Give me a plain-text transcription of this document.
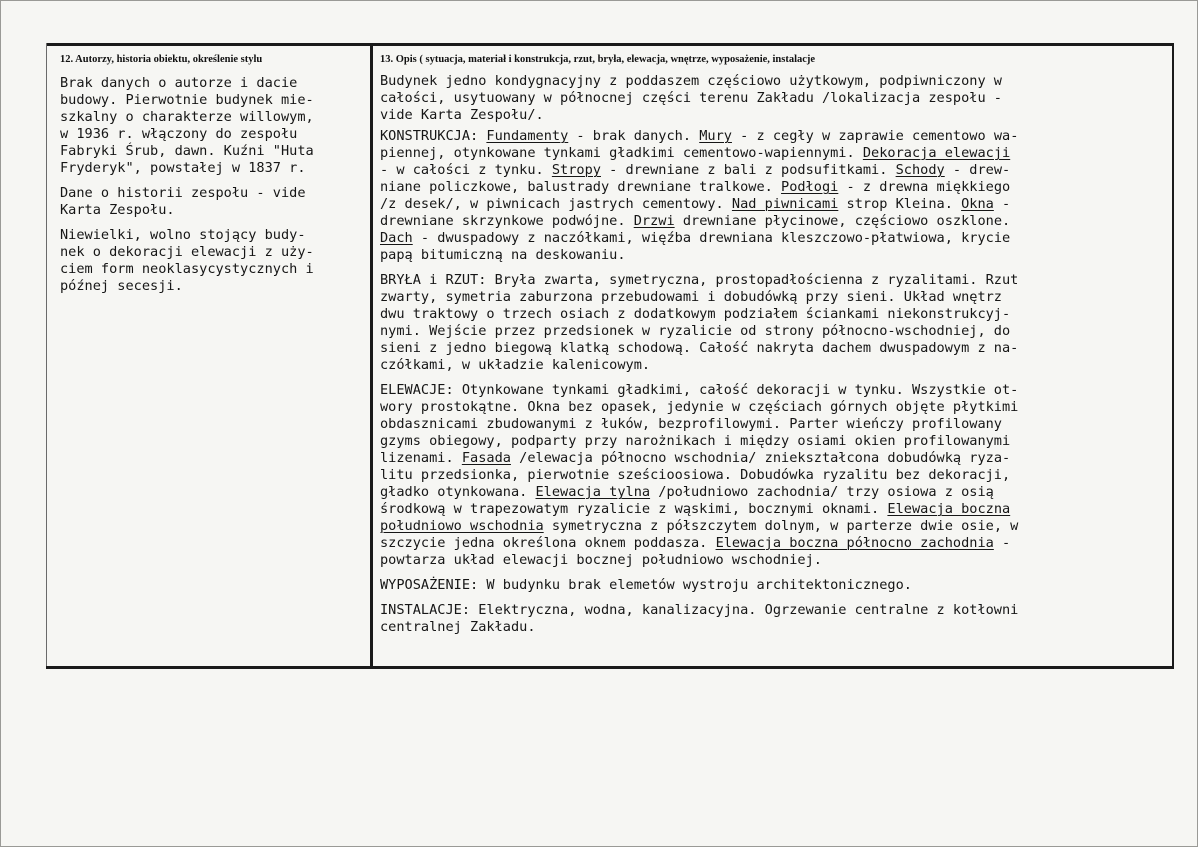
12. Autorzy, historia obiektu, określenie stylu	13. Opis ( sytuacja, materiał i konstrukcja, rzut, bryła, elewacja, wnętrze, wyposażenie, instalacje
Brak danych o autorze i dacie
budowy. Pierwotnie budynek mie-
szkalny o charakterze willowym,
w 1936 r. włączony do zespołu
Fabryki Śrub, dawn. Kuźni "Huta
Fryderyk", powstałej w 1837 r.
Dane o historii zespołu - vide
Karta Zespołu.
Niewielki, wolno stojący budy-
nek o dekoracji elewacji z uży-
ciem form neoklasycystycznych i
późnej secesji.
Budynek jedno kondygnacyjny z poddaszem częściowo użytkowym, podpiwniczony w
całości, usytuowany w północnej części terenu Zakładu /lokalizacja zespołu -
vide Karta Zespołu/.
KONSTRUKCJA: Fundamenty - brak danych. Mury - z cegły w zaprawie cementowo wa-
piennej, otynkowane tynkami gładkimi cementowo-wapiennymi. Dekoracja elewacji
- w całości z tynku. Stropy - drewniane z bali z podsufitkami. Schody - drew-
niane policzkowe, balustrady drewniane tralkowe. Podłogi - z drewna miękkiego
/z desek/, w piwnicach jastrych cementowy. Nad piwnicami strop Kleina. Okna -
drewniane skrzynkowe podwójne. Drzwi drewniane płycinowe, częściowo oszklone.
Dach - dwuspadowy z naczółkami, więźba drewniana kleszczowo-płatwiowa, krycie
papą bitumiczną na deskowaniu.
BRYŁA i RZUT: Bryła zwarta, symetryczna, prostopadłościenna z ryzalitami. Rzut
zwarty, symetria zaburzona przebudowami i dobudówką przy sieni. Układ wnętrz
dwu traktowy o trzech osiach z dodatkowym podziałem ściankami niekonstrukcyj-
nymi. Wejście przez przedsionek w ryzalicie od strony północno-wschodniej, do
sieni z jedno biegową klatką schodową. Całość nakryta dachem dwuspadowym z na-
czółkami, w układzie kalenicowym.
ELEWACJE: Otynkowane tynkami gładkimi, całość dekoracji w tynku. Wszystkie ot-
wory prostokątne. Okna bez opasek, jedynie w częściach górnych objęte płytkimi
obdasznicami zbudowanymi z łuków, bezprofilowymi. Parter wieńczy profilowany
gzyms obiegowy, podparty przy narożnikach i między osiami okien profilowanymi
lizenami. Fasada /elewacja północno wschodnia/ zniekształcona dobudówką ryza-
litu przedsionka, pierwotnie sześcioosiowa. Dobudówka ryzalitu bez dekoracji,
gładko otynkowana. Elewacja tylna /południowo zachodnia/ trzy osiowa z osią
środkową w trapezowatym ryzalicie z wąskimi, bocznymi oknami. Elewacja boczna
południowo wschodnia symetryczna z półszczytem dolnym, w parterze dwie osie, w
szczycie jedna określona oknem poddasza. Elewacja boczna północno zachodnia -
powtarza układ elewacji bocznej południowo wschodniej.
WYPOSAŻENIE: W budynku brak elemetów wystroju architektonicznego.
INSTALACJE: Elektryczna, wodna, kanalizacyjna. Ogrzewanie centralne z kotłowni
centralnej Zakładu.
